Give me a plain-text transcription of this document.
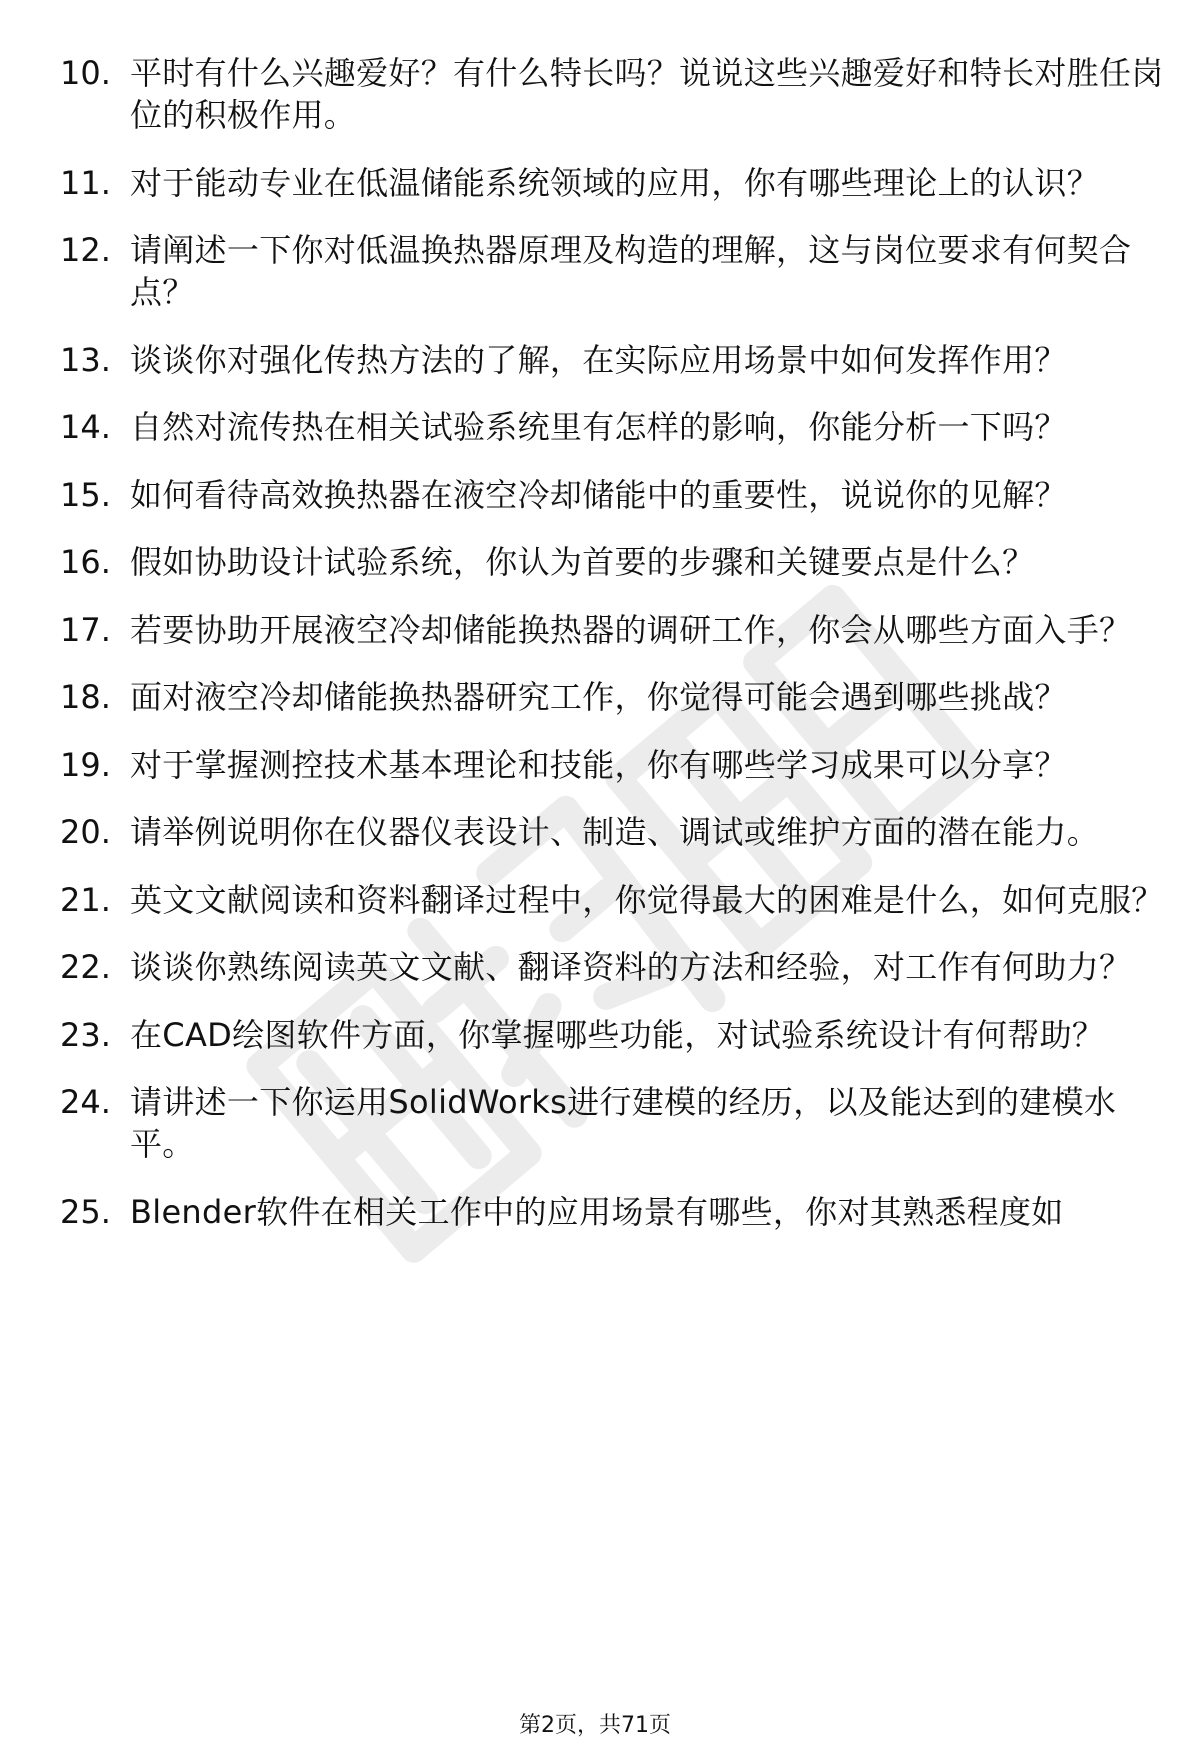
10. 平时有什么兴趣爱好？有什么特长吗？说说这些兴趣爱好和特长对胜任岗位的积极作用。
11. 对于能动专业在低温储能系统领域的应用，你有哪些理论上的认识？
12. 请阐述一下你对低温换热器原理及构造的理解，这与岗位要求有何契合点？
13. 谈谈你对强化传热方法的了解，在实际应用场景中如何发挥作用？
14. 自然对流传热在相关试验系统里有怎样的影响，你能分析一下吗？
15. 如何看待高效换热器在液空冷却储能中的重要性，说说你的见解？
16. 假如协助设计试验系统，你认为首要的步骤和关键要点是什么？
17. 若要协助开展液空冷却储能换热器的调研工作，你会从哪些方面入手？
18. 面对液空冷却储能换热器研究工作，你觉得可能会遇到哪些挑战？
19. 对于掌握测控技术基本理论和技能，你有哪些学习成果可以分享？
20. 请举例说明你在仪器仪表设计、制造、调试或维护方面的潜在能力。
21. 英文文献阅读和资料翻译过程中，你觉得最大的困难是什么，如何克服？
22. 谈谈你熟练阅读英文文献、翻译资料的方法和经验，对工作有何助力？
23. 在CAD绘图软件方面，你掌握哪些功能，对试验系统设计有何帮助？
24. 请讲述一下你运用SolidWorks进行建模的经历，以及能达到的建模水平。
25. Blender软件在相关工作中的应用场景有哪些，你对其熟悉程度如
第2页，共71页
